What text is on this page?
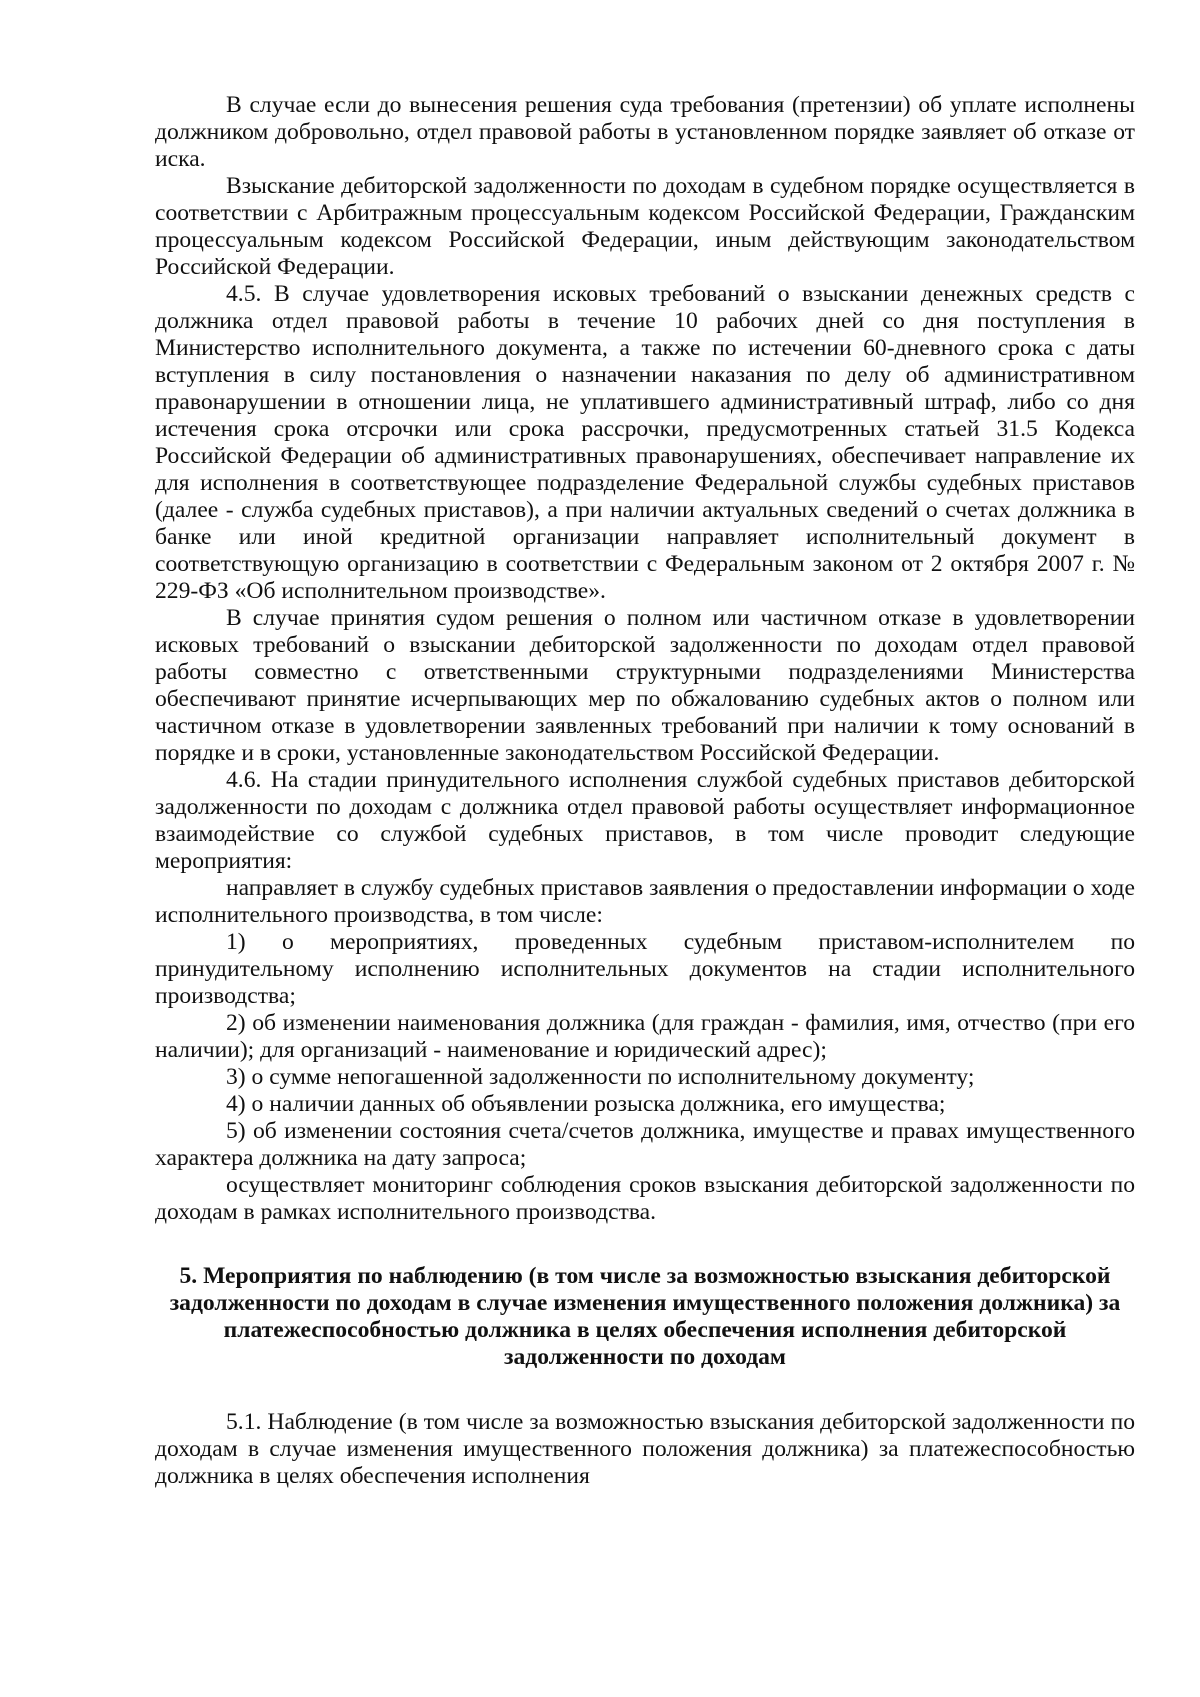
В случае если до вынесения решения суда требования (претензии) об уплате исполнены должником добровольно, отдел правовой работы в установленном порядке заявляет об отказе от иска.

Взыскание дебиторской задолженности по доходам в судебном порядке осуществляется в соответствии с Арбитражным процессуальным кодексом Российской Федерации, Гражданским процессуальным кодексом Российской Федерации, иным действующим законодательством Российской Федерации.

4.5. В случае удовлетворения исковых требований о взыскании денежных средств с должника отдел правовой работы в течение 10 рабочих дней со дня поступления в Министерство исполнительного документа, а также по истечении 60-дневного срока с даты вступления в силу постановления о назначении наказания по делу об административном правонарушении в отношении лица, не уплатившего административный штраф, либо со дня истечения срока отсрочки или срока рассрочки, предусмотренных статьей 31.5 Кодекса Российской Федерации об административных правонарушениях, обеспечивает направление их для исполнения в соответствующее подразделение Федеральной службы судебных приставов (далее - служба судебных приставов), а при наличии актуальных сведений о счетах должника в банке или иной кредитной организации направляет исполнительный документ в соответствующую организацию в соответствии с Федеральным законом от 2 октября 2007 г. № 229-ФЗ «Об исполнительном производстве».

В случае принятия судом решения о полном или частичном отказе в удовлетворении исковых требований о взыскании дебиторской задолженности по доходам отдел правовой работы совместно с ответственными структурными подразделениями Министерства обеспечивают принятие исчерпывающих мер по обжалованию судебных актов о полном или частичном отказе в удовлетворении заявленных требований при наличии к тому оснований в порядке и в сроки, установленные законодательством Российской Федерации.

4.6. На стадии принудительного исполнения службой судебных приставов дебиторской задолженности по доходам с должника отдел правовой работы осуществляет информационное взаимодействие со службой судебных приставов, в том числе проводит следующие мероприятия:

направляет в службу судебных приставов заявления о предоставлении информации о ходе исполнительного производства, в том числе:

1) о мероприятиях, проведенных судебным приставом-исполнителем по принудительному исполнению исполнительных документов на стадии исполнительного производства;

2) об изменении наименования должника (для граждан - фамилия, имя, отчество (при его наличии); для организаций - наименование и юридический адрес);

3) о сумме непогашенной задолженности по исполнительному документу;

4) о наличии данных об объявлении розыска должника, его имущества;

5) об изменении состояния счета/счетов должника, имуществе и правах имущественного характера должника на дату запроса;

осуществляет мониторинг соблюдения сроков взыскания дебиторской задолженности по доходам в рамках исполнительного производства.

5. Мероприятия по наблюдению (в том числе за возможностью взыскания дебиторской задолженности по доходам в случае изменения имущественного положения должника) за платежеспособностью должника в целях обеспечения исполнения дебиторской задолженности по доходам

5.1. Наблюдение (в том числе за возможностью взыскания дебиторской задолженности по доходам в случае изменения имущественного положения должника) за платежеспособностью должника в целях обеспечения исполнения
